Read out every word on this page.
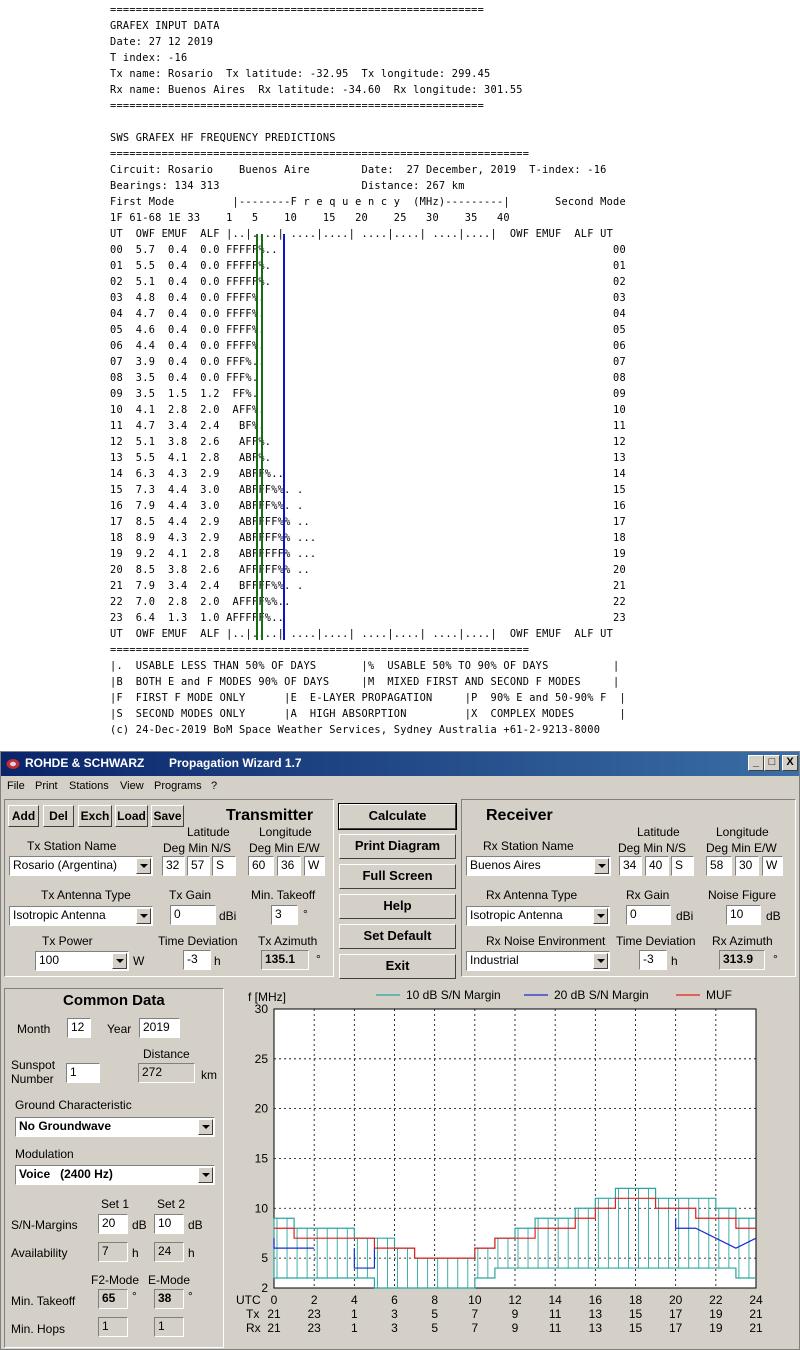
==========================================================
GRAFEX INPUT DATA
Date: 27 12 2019
T index: -16
Tx name: Rosario  Tx latitude: -32.95  Tx longitude: 299.45
Rx name: Buenos Aires  Rx latitude: -34.60  Rx longitude: 301.55
==========================================================

SWS GRAFEX HF FREQUENCY PREDICTIONS
=================================================================
Circuit: Rosario    Buenos Aire        Date:  27 December, 2019  T-index: -16
Bearings: 134 313                      Distance: 267 km
First Mode         |--------F r e q u e n c y  (MHz)---------|       Second Mode
1F 61-68 1E 33    1   5    10    15   20    25   30    35   40
UT  OWF EMUF  ALF |..|....| ....|....| ....|....| ....|....|  OWF EMUF  ALF UT
00  5.7  0.4  0.0 FFFFF%..                                                    00
01  5.5  0.4  0.0 FFFFF%.                                                     01
02  5.1  0.4  0.0 FFFFF%.                                                     02
03  4.8  0.4  0.0 FFFF%.                                                      03
04  4.7  0.4  0.0 FFFF%.                                                      04
05  4.6  0.4  0.0 FFFF%.                                                      05
06  4.4  0.4  0.0 FFFF%.                                                      06
07  3.9  0.4  0.0 FFF%..                                                      07
08  3.5  0.4  0.0 FFF%.                                                       08
09  3.5  1.5  1.2  FF%.                                                       09
10  4.1  2.8  2.0  AFF%.                                                      10
11  4.7  3.4  2.4   BF%.                                                      11
12  5.1  3.8  2.6   AFF%.                                                     12
13  5.5  4.1  2.8   ABF%.                                                     13
14  6.3  4.3  2.9                                                      14
15  7.3  4.4  3.0   ABFFF%%. .                                                15
16  7.9  4.4  3.0   ABFFF%%. .                                                16
17  8.5  4.4  2.9   ABFFFF%% ..                                               17
18  8.9  4.3  2.9   ABFFFF%% ...                                              18
19  9.2  4.1  2.8   ABFFFFF% ...                                              19
20  8.5  3.8  2.6   AFFFFF%% ..                                               20
21  7.9  3.4  2.4   BFFFF%%. .                                                21
22  7.0  2.8  2.0                                                    22
23  6.4  1.3  1.0 AFFFFF%..                                                   23
UT  OWF EMUF  ALF |..|....| ....|....| ....|....| ....|....|  OWF EMUF  ALF UT
=================================================================
|.  USABLE LESS THAN 50% OF DAYS       |%  USABLE 50% TO 90% OF DAYS          |
|B  BOTH E and F MODES 90% OF DAYS     |M  MIXED FIRST AND SECOND F MODES     |
|F  FIRST F MODE ONLY      |E  E-LAYER PROPAGATION     |P  90% E and 50-90% F  |
|S  SECOND MODES ONLY      |A  HIGH ABSORPTION         |X  COMPLEX MODES       |
(c) 24-Dec-2019 BoM Space Weather Services, Sydney Australia +61-2-9213-8000
ROHDE & SCHWARZ Propagation Wizard 1.7	_ □	X
File Print Stations View Programs ?
Add	Del	Exch Load Save	Transmitter
Tx Station Name
Latitude Longitude
Deg Min N/S Deg Min E/W
Rosario (Argentina)	32 57 S	60	36	W
Tx Antenna Type	Tx Gain	Min. Takeoff
Isotropic Antenna	0	dBi	3	°
Tx Power	Time Deviation Tx Azimuth
100	W	-3	h	135.1	°
Calculate
Print Diagram
Full Screen
Help
Set Default
Exit
Receiver
Rx Station Name
Latitude	Longitude
Deg Min N/S Deg Min E/W
Buenos Aires	34	40	S	58	30	W
Rx Antenna Type	Rx Gain	Noise Figure
Isotropic Antenna	0	dBi	10	dB
Rx Noise Environment Time Deviation Rx Azimuth
Industrial	-3	h	313.9	°
Common Data
Month	12	Year 2019
Distance
Sunspot
Number	1	272	km
Ground Characteristic
No Groundwave
Modulation
Voice   (2400 Hz)
Set 1 Set 2
S/N-Margins	20	dB 10	dB
Availability	7	h	24	h
F2-Mode E-Mode
Min. Takeoff	65	°	38	°
Min. Hops	1	1
2
5
10
15
20
25
30
f [MHz]
UTC
Tx
Rx
0
21
21
2
23
23
4
1
1
6
3
3
8
5
5
10
7
7
12
9
9
14
11
11
16
13
13
18
15
15
20
17
17
22
19
19
24
21
21
10 dB S/N Margin	20 dB S/N Margin	MUF
